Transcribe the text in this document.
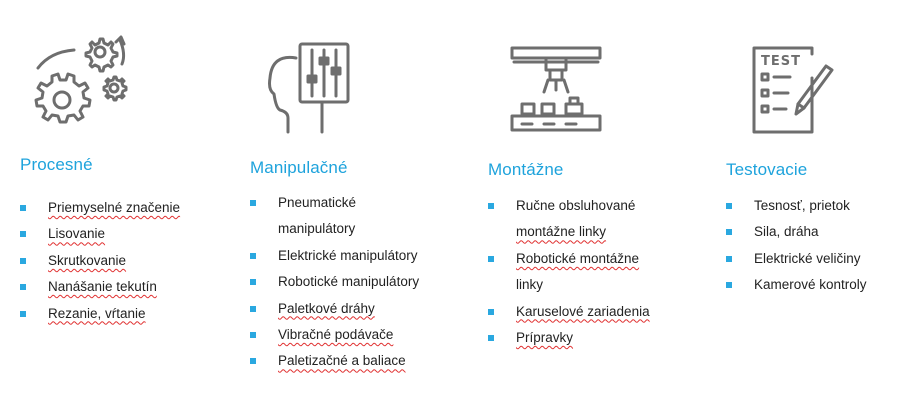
Procesné
Priemyselné značenie
Lisovanie
Skrutkovanie
Nanášanie tekutín
Rezanie, vŕtanie
Manipulačné
Pneumatické
manipulátory
Elektrické manipulátory
Robotické manipulátory
Paletkové dráhy
Vibračné podávače
Paletizačné a baliace
Montážne
Ručne obsluhované
montážne linky
Robotické montážne
linky
Karuselové zariadenia
Prípravky
TEST
Testovacie
Tesnosť, prietok
Sila, dráha
Elektrické veličiny
Kamerové kontroly
